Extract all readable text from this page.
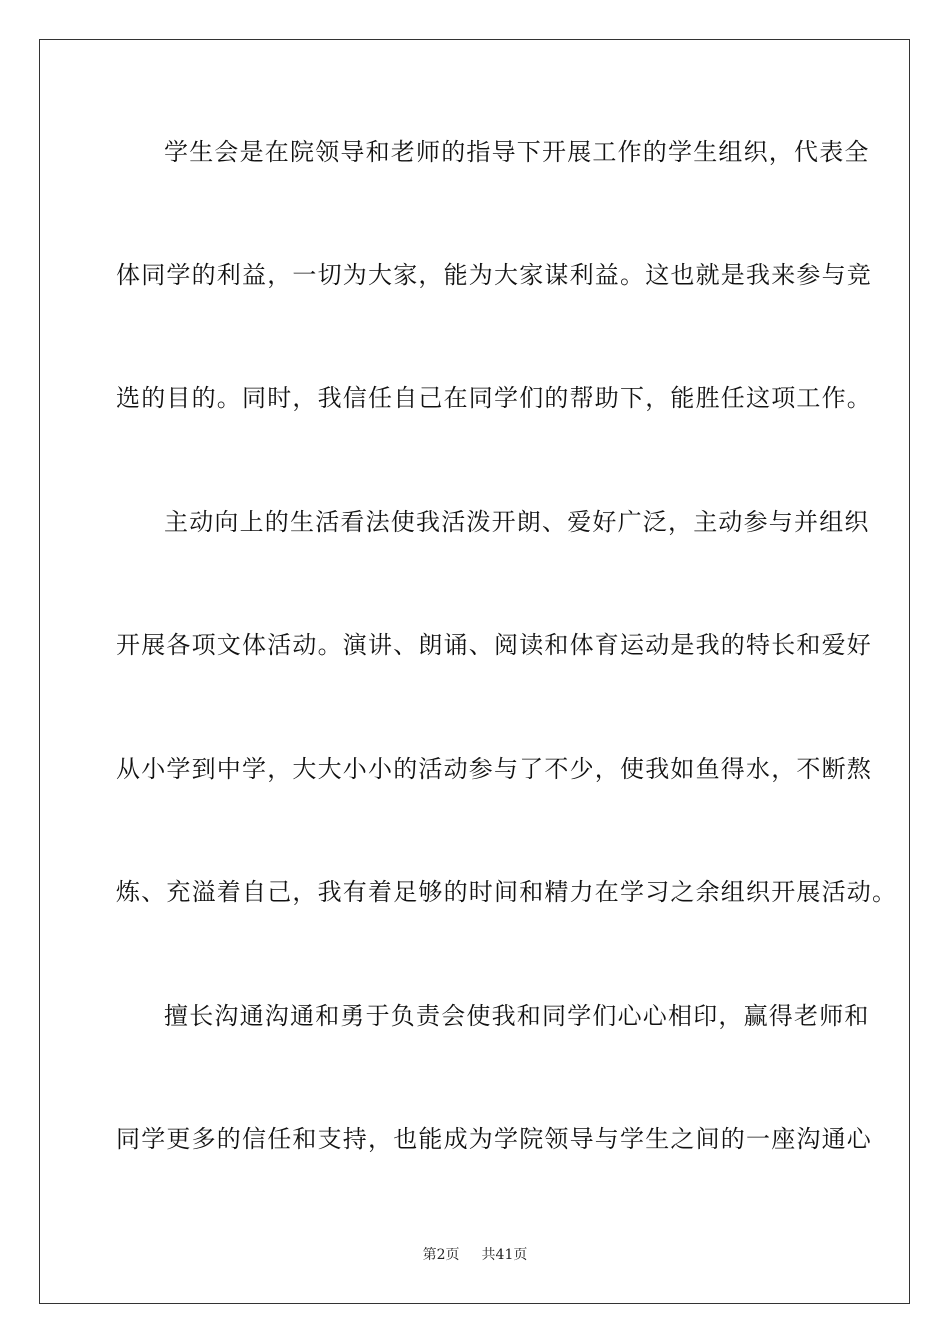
学生会是在院领导和老师的指导下开展工作的学生组织，代表全
体同学的利益，一切为大家，能为大家谋利益。这也就是我来参与竞
选的目的。同时，我信任自己在同学们的帮助下，能胜任这项工作。
主动向上的生活看法使我活泼开朗、爱好广泛，主动参与并组织
开展各项文体活动。演讲、朗诵、阅读和体育运动是我的特长和爱好
从小学到中学，大大小小的活动参与了不少，使我如鱼得水，不断熬
炼、充溢着自己，我有着足够的时间和精力在学习之余组织开展活动。
擅长沟通沟通和勇于负责会使我和同学们心心相印，赢得老师和
同学更多的信任和支持，也能成为学院领导与学生之间的一座沟通心
第2页 共41页
